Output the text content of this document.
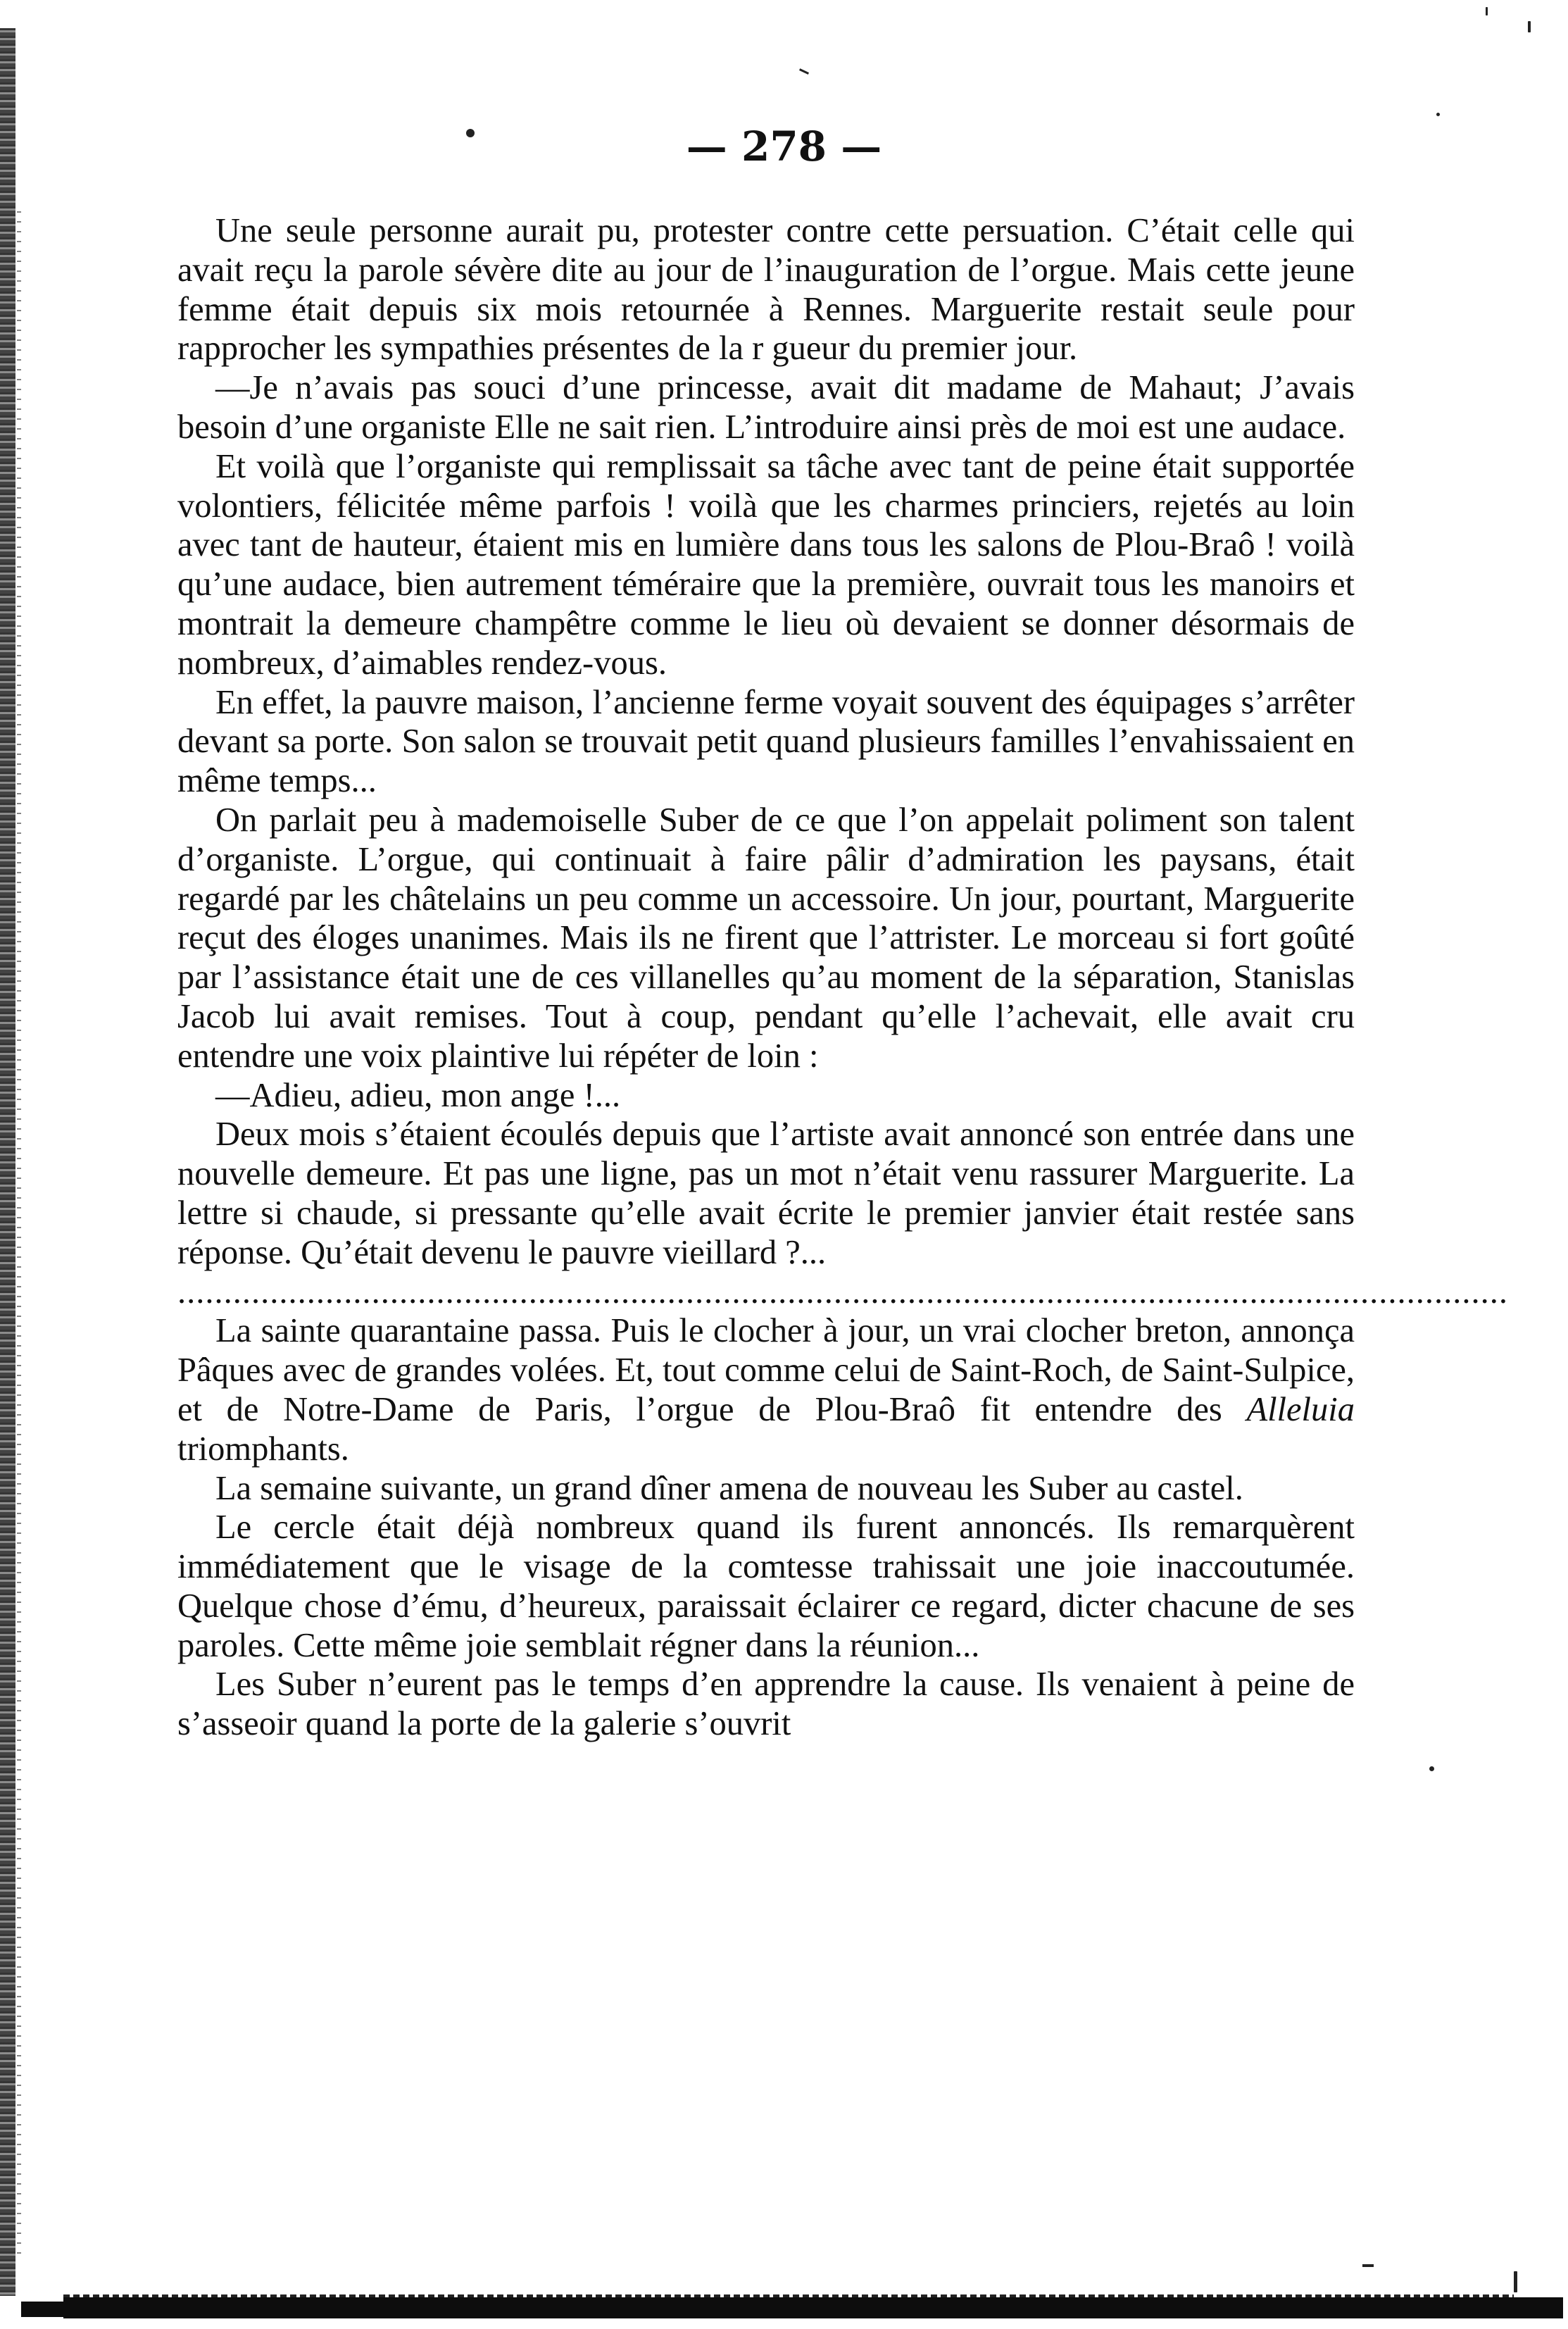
— 278 —

Une seule personne aurait pu, protester contre cette persuation. C’était celle qui avait reçu la parole sévère dite au jour de l’inauguration de l’orgue. Mais cette jeune femme était depuis six mois retournée à Rennes. Marguerite restait seule pour rapprocher les sympathies présentes de la r gueur du premier jour.

—Je n’avais pas souci d’une princesse, avait dit madame de Mahaut; J’avais besoin d’une organiste Elle ne sait rien. L’introduire ainsi près de moi est une audace.

Et voilà que l’organiste qui remplissait sa tâche avec tant de peine était supportée volontiers, félicitée même parfois ! voilà que les charmes princiers, rejetés au loin avec tant de hauteur, étaient mis en lumière dans tous les salons de Plou-Braô ! voilà qu’une audace, bien autrement téméraire que la première, ouvrait tous les manoirs et montrait la demeure champêtre comme le lieu où devaient se donner désormais de nombreux, d’aimables rendez-vous.

En effet, la pauvre maison, l’ancienne ferme voyait souvent des équipages s’arrêter devant sa porte. Son salon se trouvait petit quand plusieurs familles l’envahissaient en même temps...

On parlait peu à mademoiselle Suber de ce que l’on appelait poliment son talent d’organiste. L’orgue, qui continuait à faire pâlir d’admiration les paysans, était regardé par les châtelains un peu comme un accessoire. Un jour, pourtant, Marguerite reçut des éloges unanimes. Mais ils ne firent que l’attrister. Le morceau si fort goûté par l’assistance était une de ces villanelles qu’au moment de la séparation, Stanislas Jacob lui avait remises. Tout à coup, pendant qu’elle l’achevait, elle avait cru entendre une voix plaintive lui répéter de loin :

—Adieu, adieu, mon ange !...

Deux mois s’étaient écoulés depuis que l’artiste avait annoncé son entrée dans une nouvelle demeure. Et pas une ligne, pas un mot n’était venu rassurer Marguerite. La lettre si chaude, si pressante qu’elle avait écrite le premier janvier était restée sans réponse. Qu’était devenu le pauvre vieillard ?...

................................................................................................................................................

La sainte quarantaine passa. Puis le clocher à jour, un vrai clocher breton, annonça Pâques avec de grandes volées. Et, tout comme celui de Saint-Roch, de Saint-Sulpice, et de Notre-Dame de Paris, l’orgue de Plou-Braô fit entendre des Alleluia triomphants.

La semaine suivante, un grand dîner amena de nouveau les Suber au castel.

Le cercle était déjà nombreux quand ils furent annoncés. Ils remarquèrent immédiatement que le visage de la comtesse trahissait une joie inaccoutumée. Quelque chose d’ému, d’heureux, paraissait éclairer ce regard, dicter chacune de ses paroles. Cette même joie semblait régner dans la réunion...

Les Suber n’eurent pas le temps d’en apprendre la cause. Ils venaient à peine de s’asseoir quand la porte de la galerie s’ouvrit
